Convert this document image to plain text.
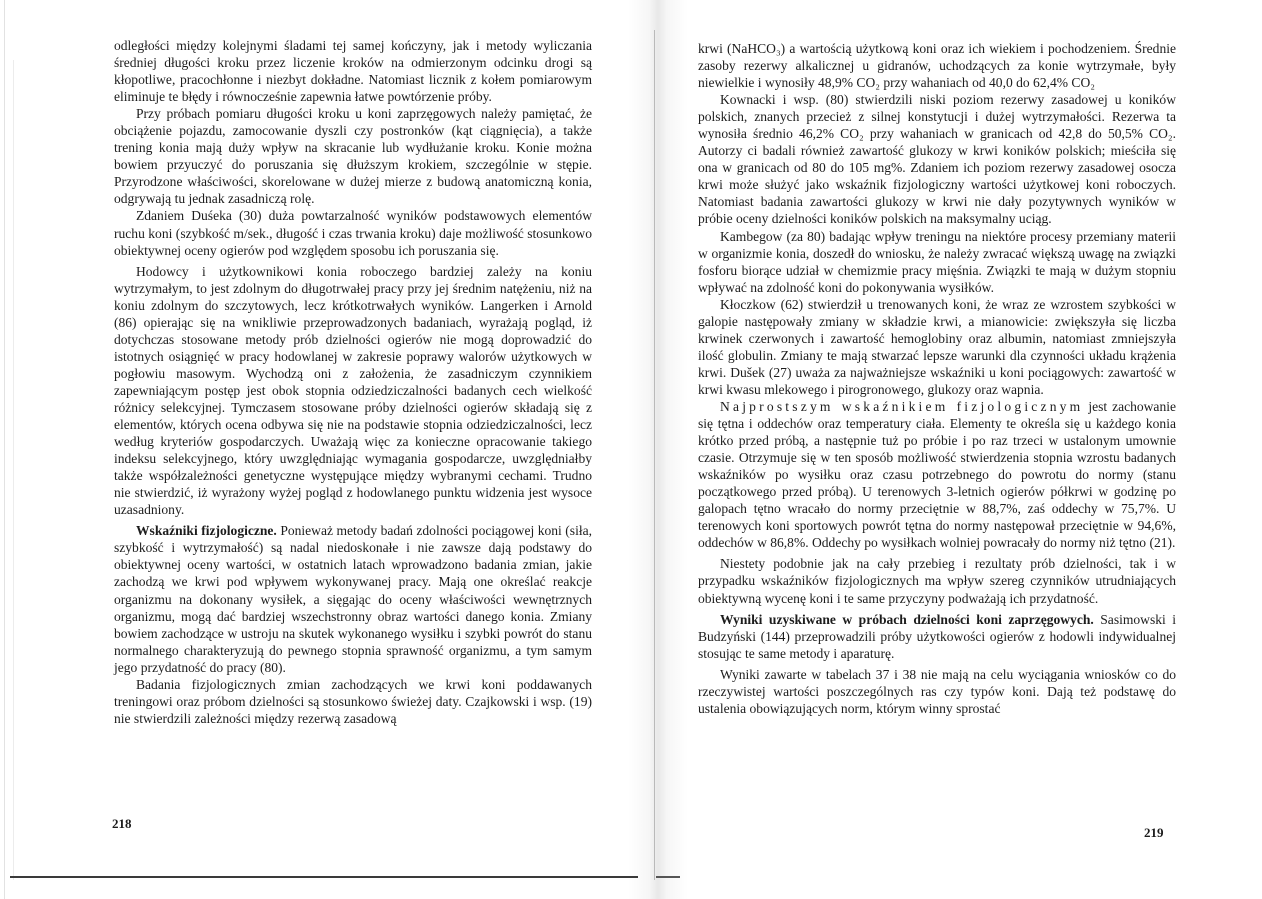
odległości między kolejnymi śladami tej samej kończyny, jak i metody wyliczania średniej długości kroku przez liczenie kroków na odmierzonym odcinku drogi są kłopotliwe, pracochłonne i niezbyt dokładne. Natomiast licznik z kołem pomiarowym eliminuje te błędy i równocześnie zapewnia łatwe powtórzenie próby.

Przy próbach pomiaru długości kroku u koni zaprzęgowych należy pamiętać, że obciążenie pojazdu, zamocowanie dyszli czy postronków (kąt ciągnięcia), a także trening konia mają duży wpływ na skracanie lub wydłużanie kroku. Konie można bowiem przyuczyć do poruszania się dłuższym krokiem, szczególnie w stępie. Przyrodzone właściwości, skorelowane w dużej mierze z budową anatomiczną konia, odgrywają tu jednak zasadniczą rolę.

Zdaniem Duśeka (30) duża powtarzalność wyników podstawowych elementów ruchu koni (szybkość m/sek., długość i czas trwania kroku) daje możliwość stosunkowo obiektywnej oceny ogierów pod względem sposobu ich poruszania się.

Hodowcy i użytkownikowi konia roboczego bardziej zależy na koniu wytrzymałym, to jest zdolnym do długotrwałej pracy przy jej średnim natężeniu, niż na koniu zdolnym do szczytowych, lecz krótkotrwałych wyników. Langerken i Arnold (86) opierając się na wnikliwie przeprowadzonych badaniach, wyrażają pogląd, iż dotychczas stosowane metody prób dzielności ogierów nie mogą doprowadzić do istotnych osiągnięć w pracy hodowlanej w zakresie poprawy walorów użytkowych w pogłowiu masowym. Wychodzą oni z założenia, że zasadniczym czynnikiem zapewniającym postęp jest obok stopnia odziedziczalności badanych cech wielkość różnicy selekcyjnej. Tymczasem stosowane próby dzielności ogierów składają się z elementów, których ocena odbywa się nie na podstawie stopnia odziedziczalności, lecz według kryteriów gospodarczych. Uważają więc za konieczne opracowanie takiego indeksu selekcyjnego, który uwzględniając wymagania gospodarcze, uwzględniałby także współzależności genetyczne występujące między wybranymi cechami. Trudno nie stwierdzić, iż wyrażony wyżej pogląd z hodowlanego punktu widzenia jest wysoce uzasadniony.

Wskaźniki fizjologiczne. Ponieważ metody badań zdolności pociągowej koni (siła, szybkość i wytrzymałość) są nadal niedoskonałe i nie zawsze dają podstawy do obiektywnej oceny wartości, w ostatnich latach wprowadzono badania zmian, jakie zachodzą we krwi pod wpływem wykonywanej pracy. Mają one określać reakcje organizmu na dokonany wysiłek, a sięgając do oceny właściwości wewnętrznych organizmu, mogą dać bardziej wszechstronny obraz wartości danego konia. Zmiany bowiem zachodzące w ustroju na skutek wykonanego wysiłku i szybki powrót do stanu normalnego charakteryzują do pewnego stopnia sprawność organizmu, a tym samym jego przydatność do pracy (80).

Badania fizjologicznych zmian zachodzących we krwi koni poddawanych treningowi oraz próbom dzielności są stosunkowo świeżej daty. Czajkowski i wsp. (19) nie stwierdzili zależności między rezerwą zasadową

218

krwi (NaHCO₃) a wartością użytkową koni oraz ich wiekiem i pochodzeniem. Średnie zasoby rezerwy alkalicznej u gidranów, uchodzących za konie wytrzymałe, były niewielkie i wynosiły 48,9% CO₂ przy wahaniach od 40,0 do 62,4% CO₂

Kownacki i wsp. (80) stwierdzili niski poziom rezerwy zasadowej u koników polskich, znanych przecież z silnej konstytucji i dużej wytrzymałości. Rezerwa ta wynosiła średnio 46,2% CO₂ przy wahaniach w granicach od 42,8 do 50,5% CO₂. Autorzy ci badali również zawartość glukozy w krwi koników polskich; mieściła się ona w granicach od 80 do 105 mg%. Zdaniem ich poziom rezerwy zasadowej osocza krwi może służyć jako wskaźnik fizjologiczny wartości użytkowej koni roboczych. Natomiast badania zawartości glukozy w krwi nie dały pozytywnych wyników w próbie oceny dzielności koników polskich na maksymalny uciąg.

Kambegow (za 80) badając wpływ treningu na niektóre procesy przemiany materii w organizmie konia, doszedł do wniosku, że należy zwracać większą uwagę na związki fosforu biorące udział w chemizmie pracy mięśnia. Związki te mają w dużym stopniu wpływać na zdolność koni do pokonywania wysiłków.

Kłoczkow (62) stwierdził u trenowanych koni, że wraz ze wzrostem szybkości w galopie następowały zmiany w składzie krwi, a mianowicie: zwiększyła się liczba krwinek czerwonych i zawartość hemoglobiny oraz albumin, natomiast zmniejszyła ilość globulin. Zmiany te mają stwarzać lepsze warunki dla czynności układu krążenia krwi. Dušek (27) uważa za najważniejsze wskaźniki u koni pociągowych: zawartość w krwi kwasu mlekowego i pirogronowego, glukozy oraz wapnia.

Najprostszym wskaźnikiem fizjologicznym jest zachowanie się tętna i oddechów oraz temperatury ciała. Elementy te określa się u każdego konia krótko przed próbą, a następnie tuż po próbie i po raz trzeci w ustalonym umownie czasie. Otrzymuje się w ten sposób możliwość stwierdzenia stopnia wzrostu badanych wskaźników po wysiłku oraz czasu potrzebnego do powrotu do normy (stanu początkowego przed próbą). U terenowych 3-letnich ogierów półkrwi w godzinę po galopach tętno wracało do normy przeciętnie w 88,7%, zaś oddechy w 75,7%. U terenowych koni sportowych powrót tętna do normy następował przeciętnie w 94,6%, oddechów w 86,8%. Oddechy po wysiłkach wolniej powracały do normy niż tętno (21).

Niestety podobnie jak na cały przebieg i rezultaty prób dzielności, tak i w przypadku wskaźników fizjologicznych ma wpływ szereg czynników utrudniających obiektywną wycenę koni i te same przyczyny podważają ich przydatność.

Wyniki uzyskiwane w próbach dzielności koni zaprzęgowych. Sasimowski i Budzyński (144) przeprowadzili próby użytkowości ogierów z hodowli indywidualnej stosując te same metody i aparaturę.

Wyniki zawarte w tabelach 37 i 38 nie mają na celu wyciągania wniosków co do rzeczywistej wartości poszczególnych ras czy typów koni. Dają też podstawę do ustalenia obowiązujących norm, którym winny sprostać

219
